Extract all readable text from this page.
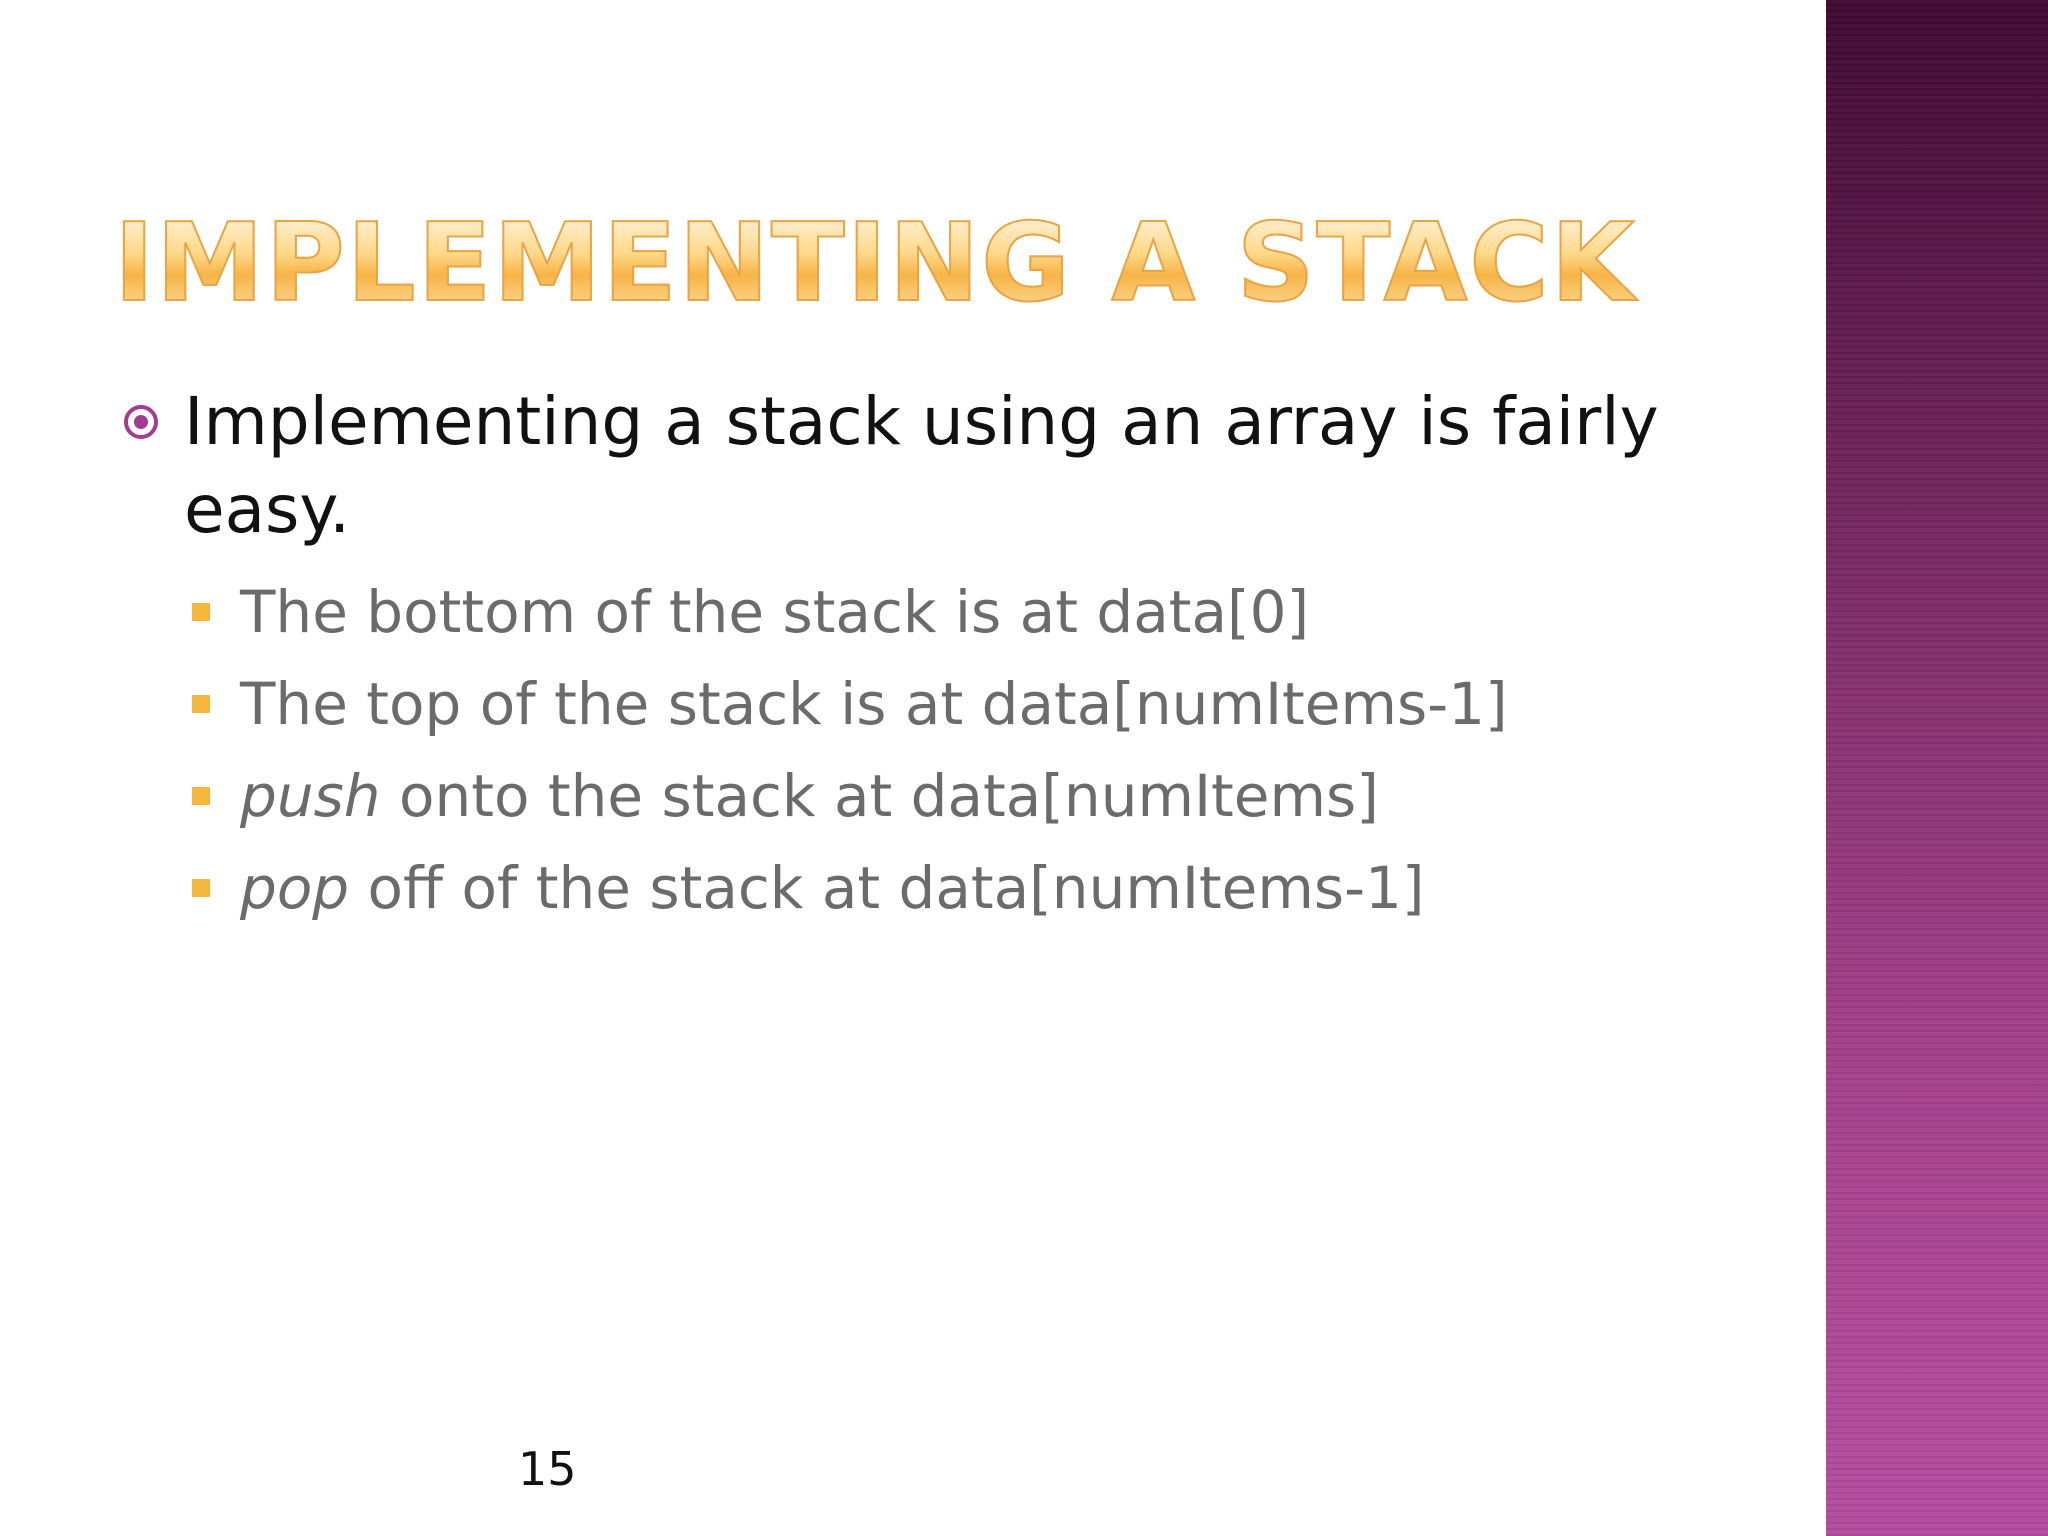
IMPLEMENTING A STACK
Implementing a stack using an array is fairly easy.
The bottom of the stack is at data[0]
The top of the stack is at data[numItems-1]
push onto the stack at data[numItems]
pop off of the stack at data[numItems-1]
15
